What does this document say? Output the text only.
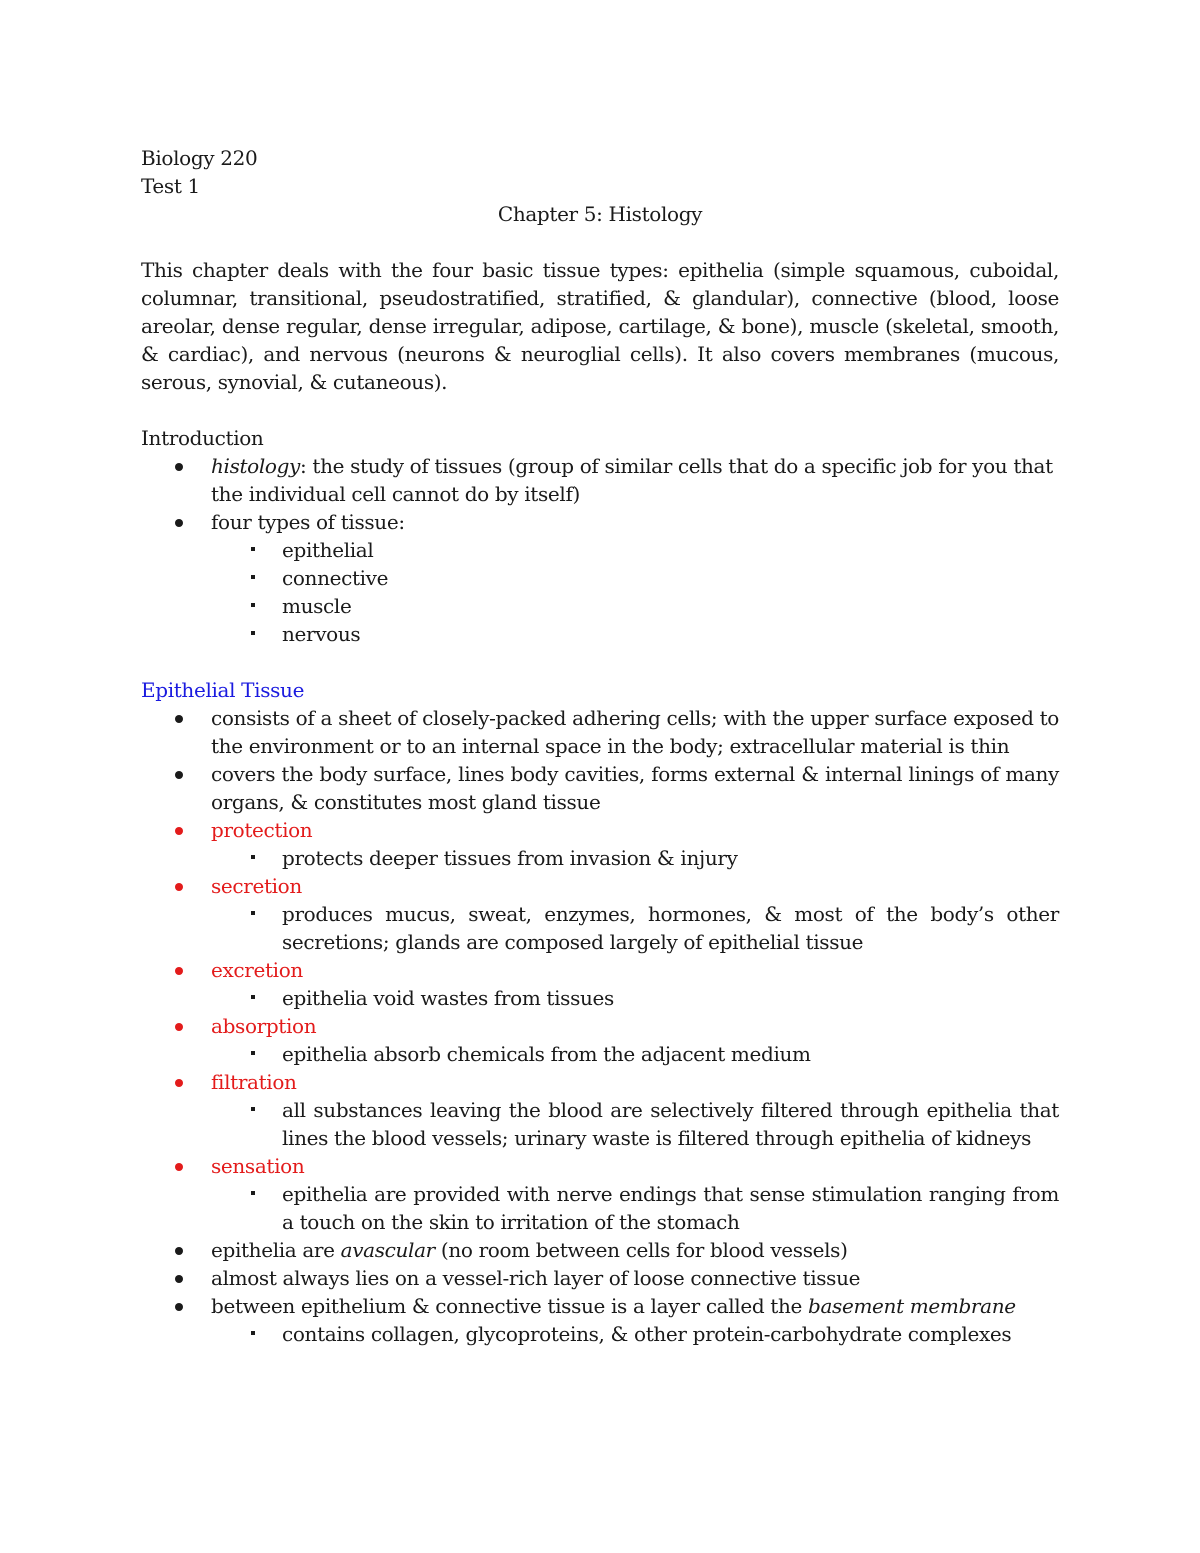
Biology 220

Test 1

Chapter 5: Histology

This chapter deals with the four basic tissue types: epithelia (simple squamous, cuboidal, columnar, transitional, pseudostratified, stratified, & glandular), connective (blood, loose areolar, dense regular, dense irregular, adipose, cartilage, & bone), muscle (skeletal, smooth, & cardiac), and nervous (neurons & neuroglial cells). It also covers membranes (mucous, serous, synovial, & cutaneous).

Introduction

histology: the study of tissues (group of similar cells that do a specific job for you that the individual cell cannot do by itself)
four types of tissue:
epithelial
connective
muscle
nervous

Epithelial Tissue

consists of a sheet of closely-packed adhering cells; with the upper surface exposed to the environment or to an internal space in the body; extracellular material is thin
covers the body surface, lines body cavities, forms external & internal linings of many organs, & constitutes most gland tissue
protection
protects deeper tissues from invasion & injury
secretion
produces mucus, sweat, enzymes, hormones, & most of the body’s other secretions; glands are composed largely of epithelial tissue
excretion
epithelia void wastes from tissues
absorption
epithelia absorb chemicals from the adjacent medium
filtration
all substances leaving the blood are selectively filtered through epithelia that lines the blood vessels; urinary waste is filtered through epithelia of kidneys
sensation
epithelia are provided with nerve endings that sense stimulation ranging from a touch on the skin to irritation of the stomach
epithelia are avascular (no room between cells for blood vessels)
almost always lies on a vessel-rich layer of loose connective tissue
between epithelium & connective tissue is a layer called the basement membrane
contains collagen, glycoproteins, & other protein-carbohydrate complexes
